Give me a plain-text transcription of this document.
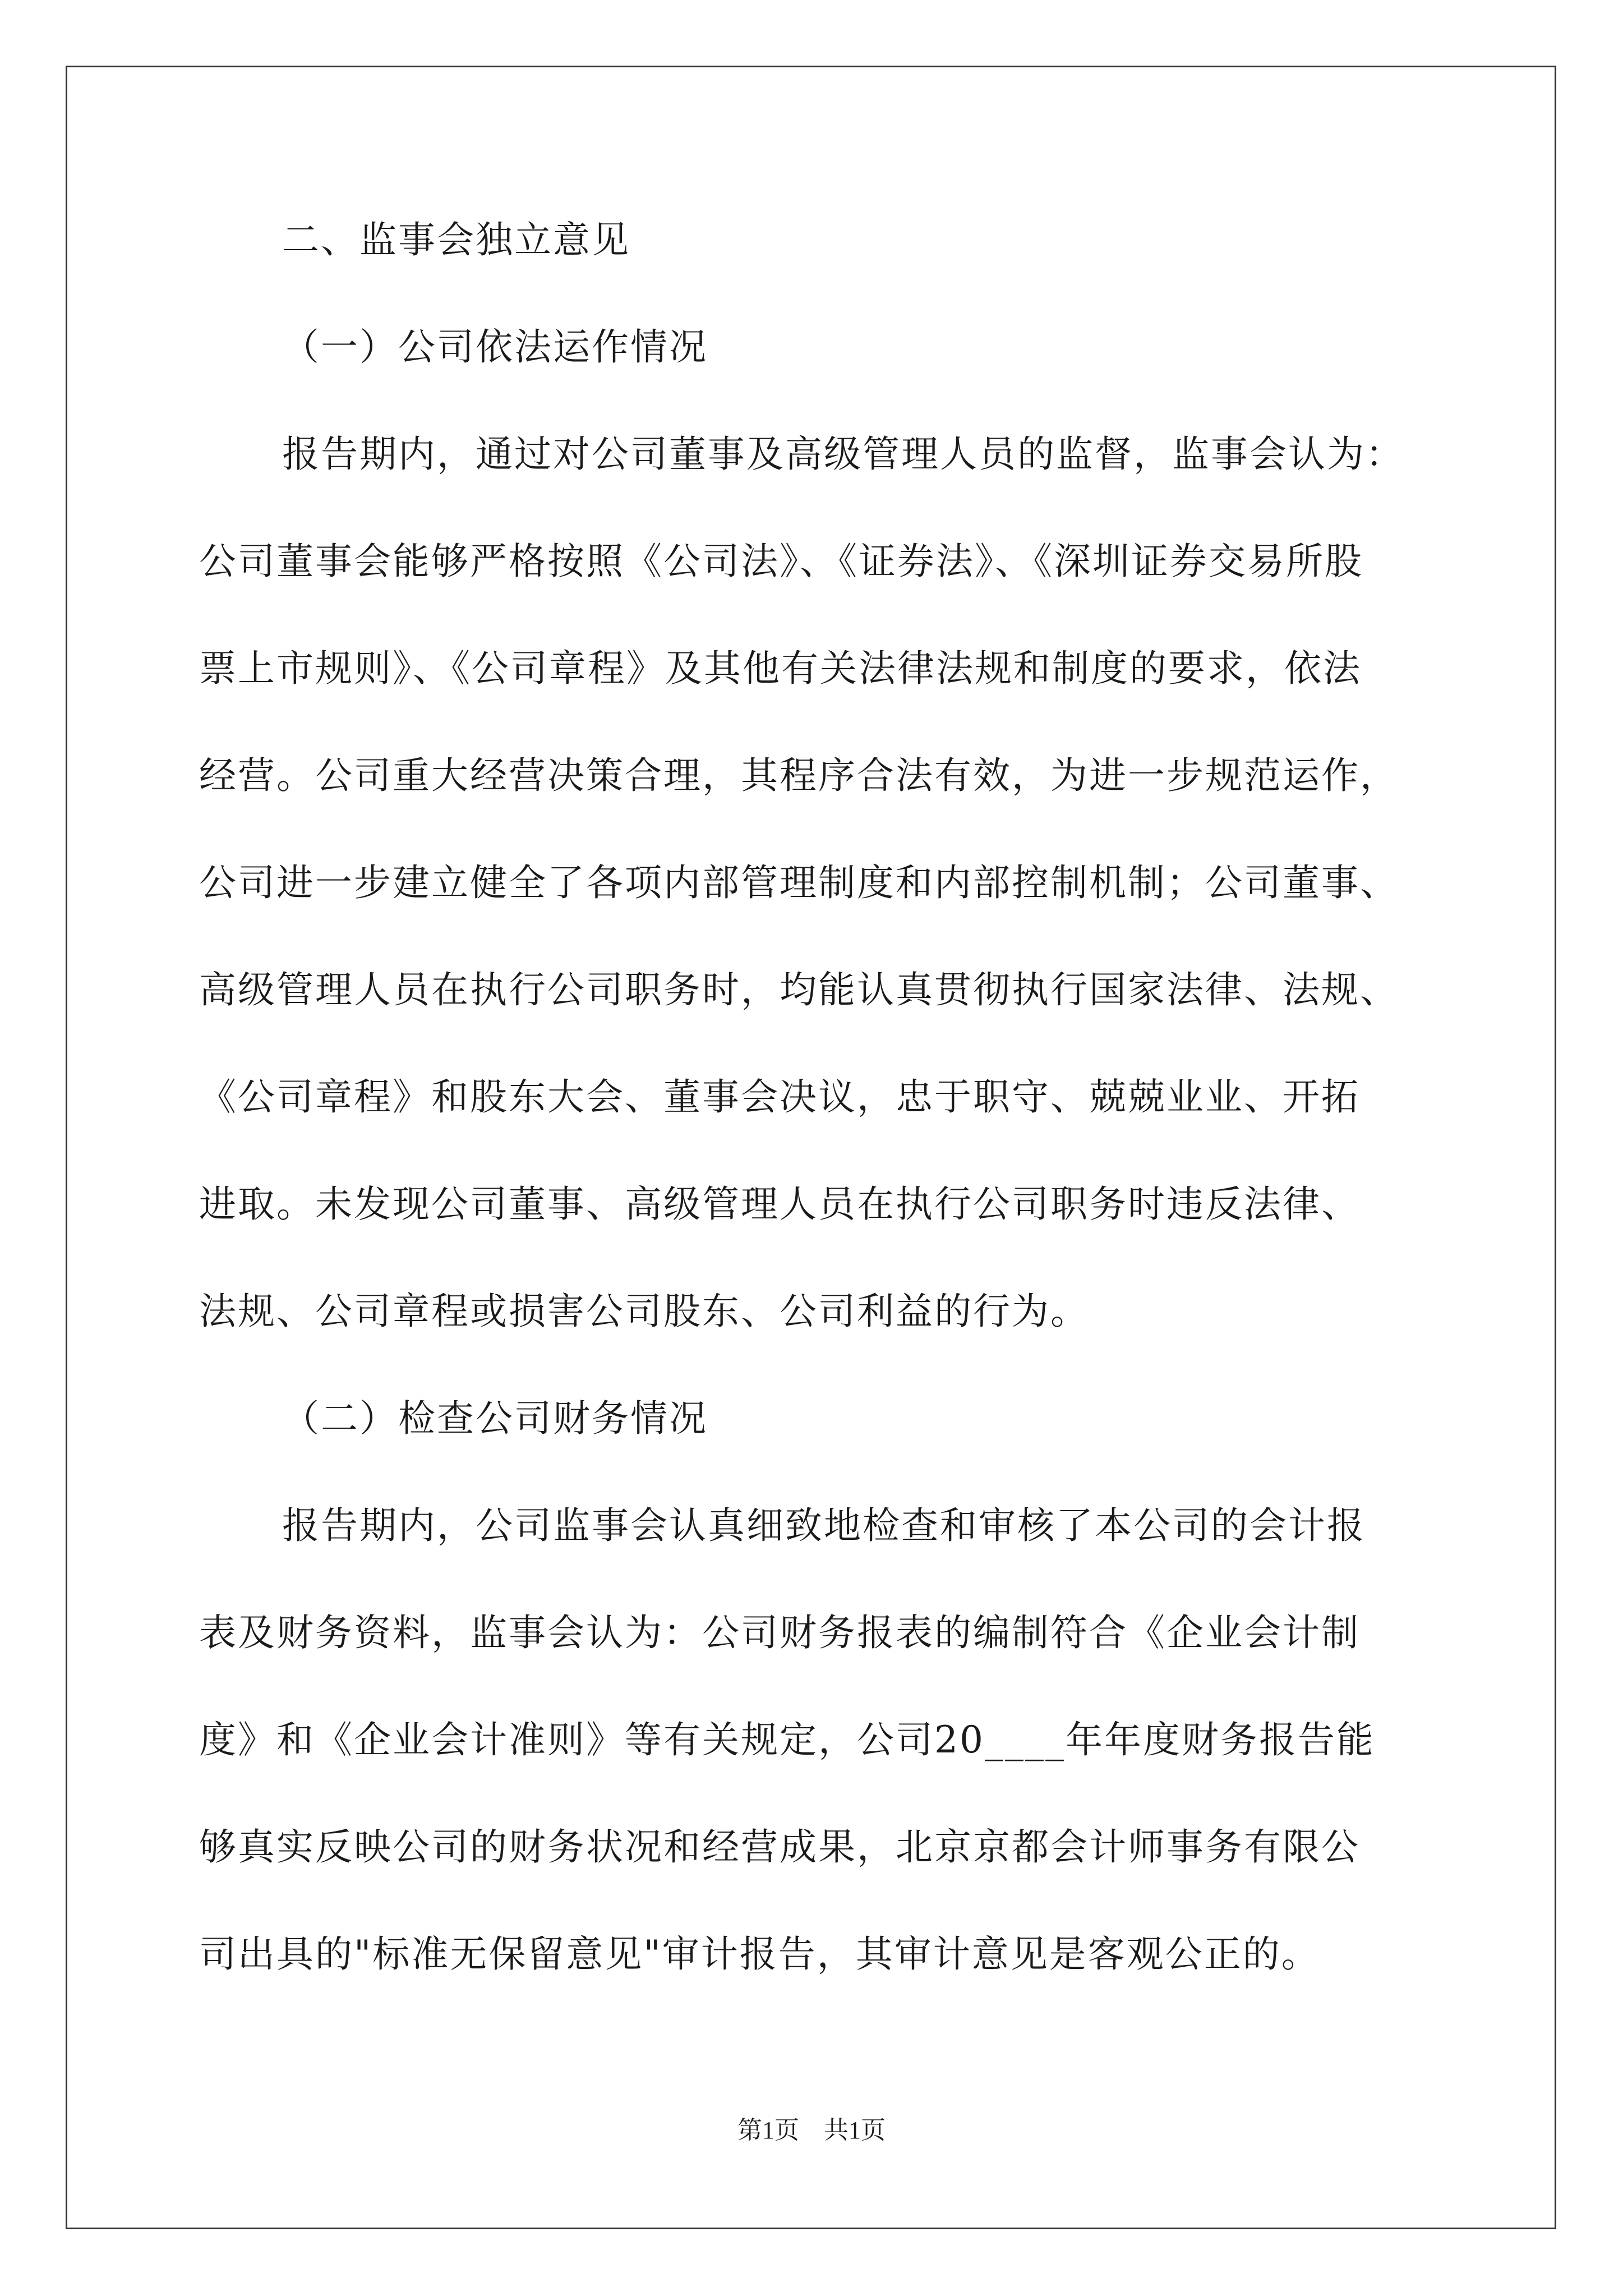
二、监事会独立意见
（一）公司依法运作情况
报告期内，通过对公司董事及高级管理人员的监督，监事会认为：
公司董事会能够严格按照《公司法》、《证券法》、《深圳证券交易所股
票上市规则》、《公司章程》及其他有关法律法规和制度的要求，依法
经营。公司重大经营决策合理，其程序合法有效，为进一步规范运作，
公司进一步建立健全了各项内部管理制度和内部控制机制；公司董事、
高级管理人员在执行公司职务时，均能认真贯彻执行国家法律、法规、
《公司章程》和股东大会、董事会决议，忠于职守、兢兢业业、开拓
进取。未发现公司董事、高级管理人员在执行公司职务时违反法律、
法规、公司章程或损害公司股东、公司利益的行为。
（二）检查公司财务情况
报告期内，公司监事会认真细致地检查和审核了本公司的会计报
表及财务资料，监事会认为：公司财务报表的编制符合《企业会计制
度》和《企业会计准则》等有关规定，公司20____年年度财务报告能
够真实反映公司的财务状况和经营成果，北京京都会计师事务有限公
司出具的"标准无保留意见"审计报告，其审计意见是客观公正的。
第1页 共1页
